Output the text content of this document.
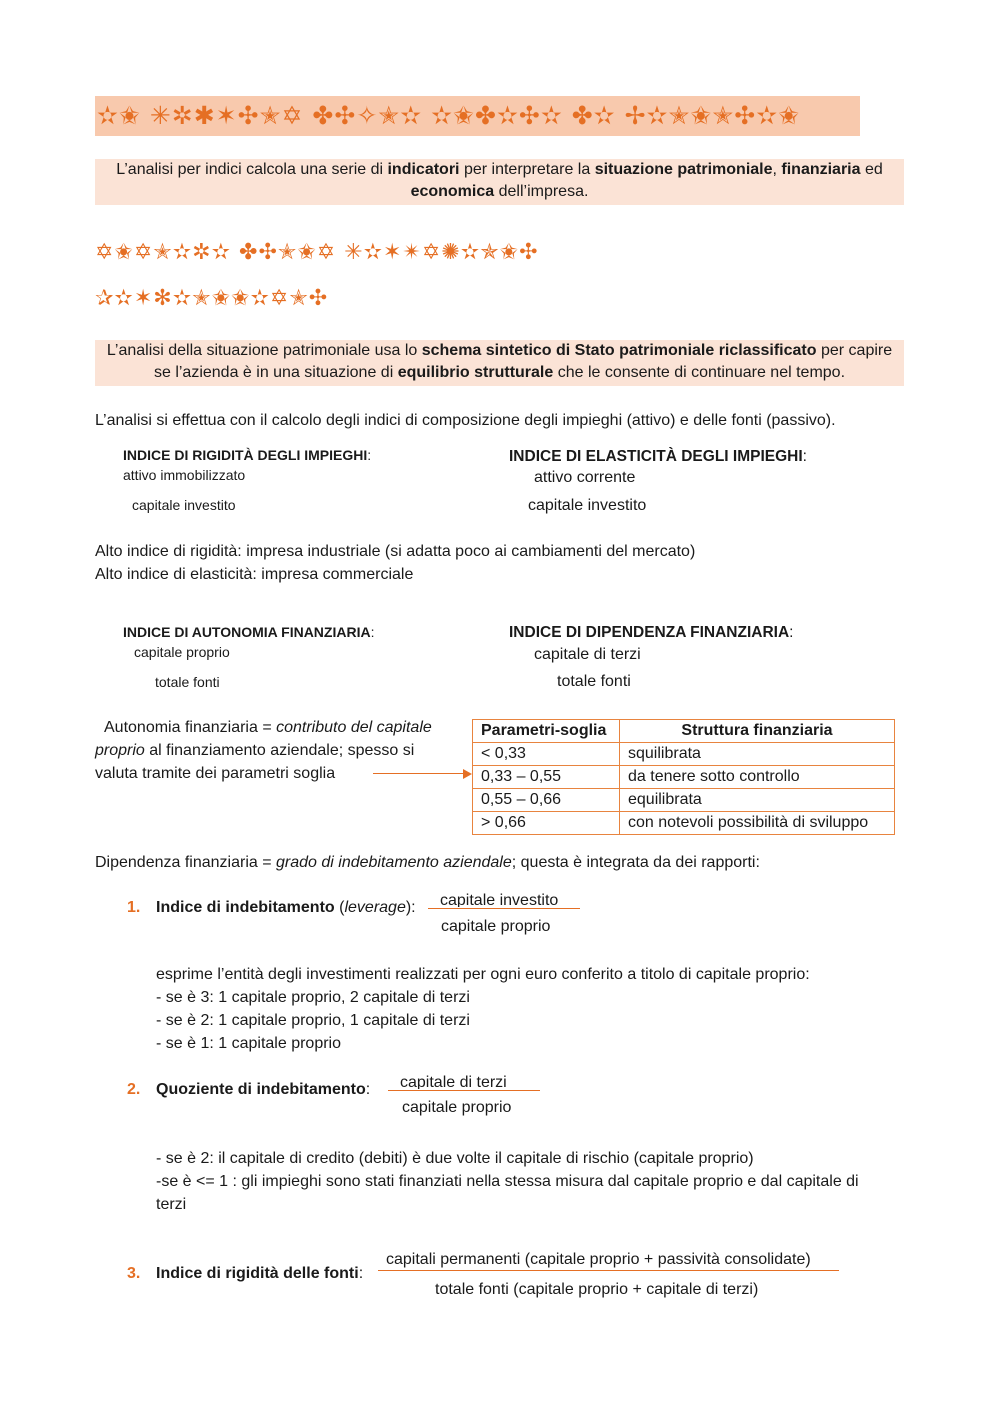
✫✬ ✳✲✱✶✣✭✡ ✤✣✧✭✫ ✫✬✤✫✣✫ ✤✫ ✢✫✭✬✭✣✫✬
L’analisi per indici calcola una serie di indicatori per interpretare la situazione patrimoniale, finanziaria ed economica dell’impresa.
✡✬✡✭✫✲✫ ✤✣✭✬✡ ✳✫✶✴✡✺✫✯✬✣
✰✫✶✻✫✭✬✬✫✡✭✣
L’analisi della situazione patrimoniale usa lo schema sintetico di Stato patrimoniale riclassificato per capire se l’azienda è in una situazione di equilibrio strutturale che le consente di continuare nel tempo.
L’analisi si effettua con il calcolo degli indici di composizione degli impieghi (attivo) e delle fonti (passivo).
INDICE DI RIGIDITÀ DEGLI IMPIEGHI:
attivo immobilizzato
capitale investito
INDICE DI ELASTICITÀ DEGLI IMPIEGHI:
attivo corrente
capitale investito
Alto indice di rigidità: impresa industriale (si adatta poco ai cambiamenti del mercato)
Alto indice di elasticità: impresa commerciale
INDICE DI AUTONOMIA FINANZIARIA:
capitale proprio
totale fonti
INDICE DI DIPENDENZA FINANZIARIA:
capitale di terzi
totale fonti
Autonomia finanziaria = contributo del capitale
proprio al finanziamento aziendale; spesso si
valuta tramite dei parametri soglia
Parametri-soglia	Struttura finanziaria
< 0,33	squilibrata
0,33 – 0,55	da tenere sotto controllo
0,55 – 0,66	equilibrata
> 0,66	con notevoli possibilità di sviluppo
Dipendenza finanziaria = grado di indebitamento aziendale; questa è integrata da dei rapporti:
1. Indice di indebitamento (leverage): capitale investito
capitale proprio
esprime l’entità degli investimenti realizzati per ogni euro conferito a titolo di capitale proprio:
- se è 3: 1 capitale proprio, 2 capitale di terzi
- se è 2: 1 capitale proprio, 1 capitale di terzi
- se è 1: 1 capitale proprio
2. Quoziente di indebitamento: capitale di terzi
capitale proprio
- se è 2: il capitale di credito (debiti) è due volte il capitale di rischio (capitale proprio)
-se è <= 1 : gli impieghi sono stati finanziati nella stessa misura dal capitale proprio e dal capitale di
terzi
3. Indice di rigidità delle fonti:
capitali permanenti (capitale proprio + passività consolidate)
totale fonti (capitale proprio + capitale di terzi)
